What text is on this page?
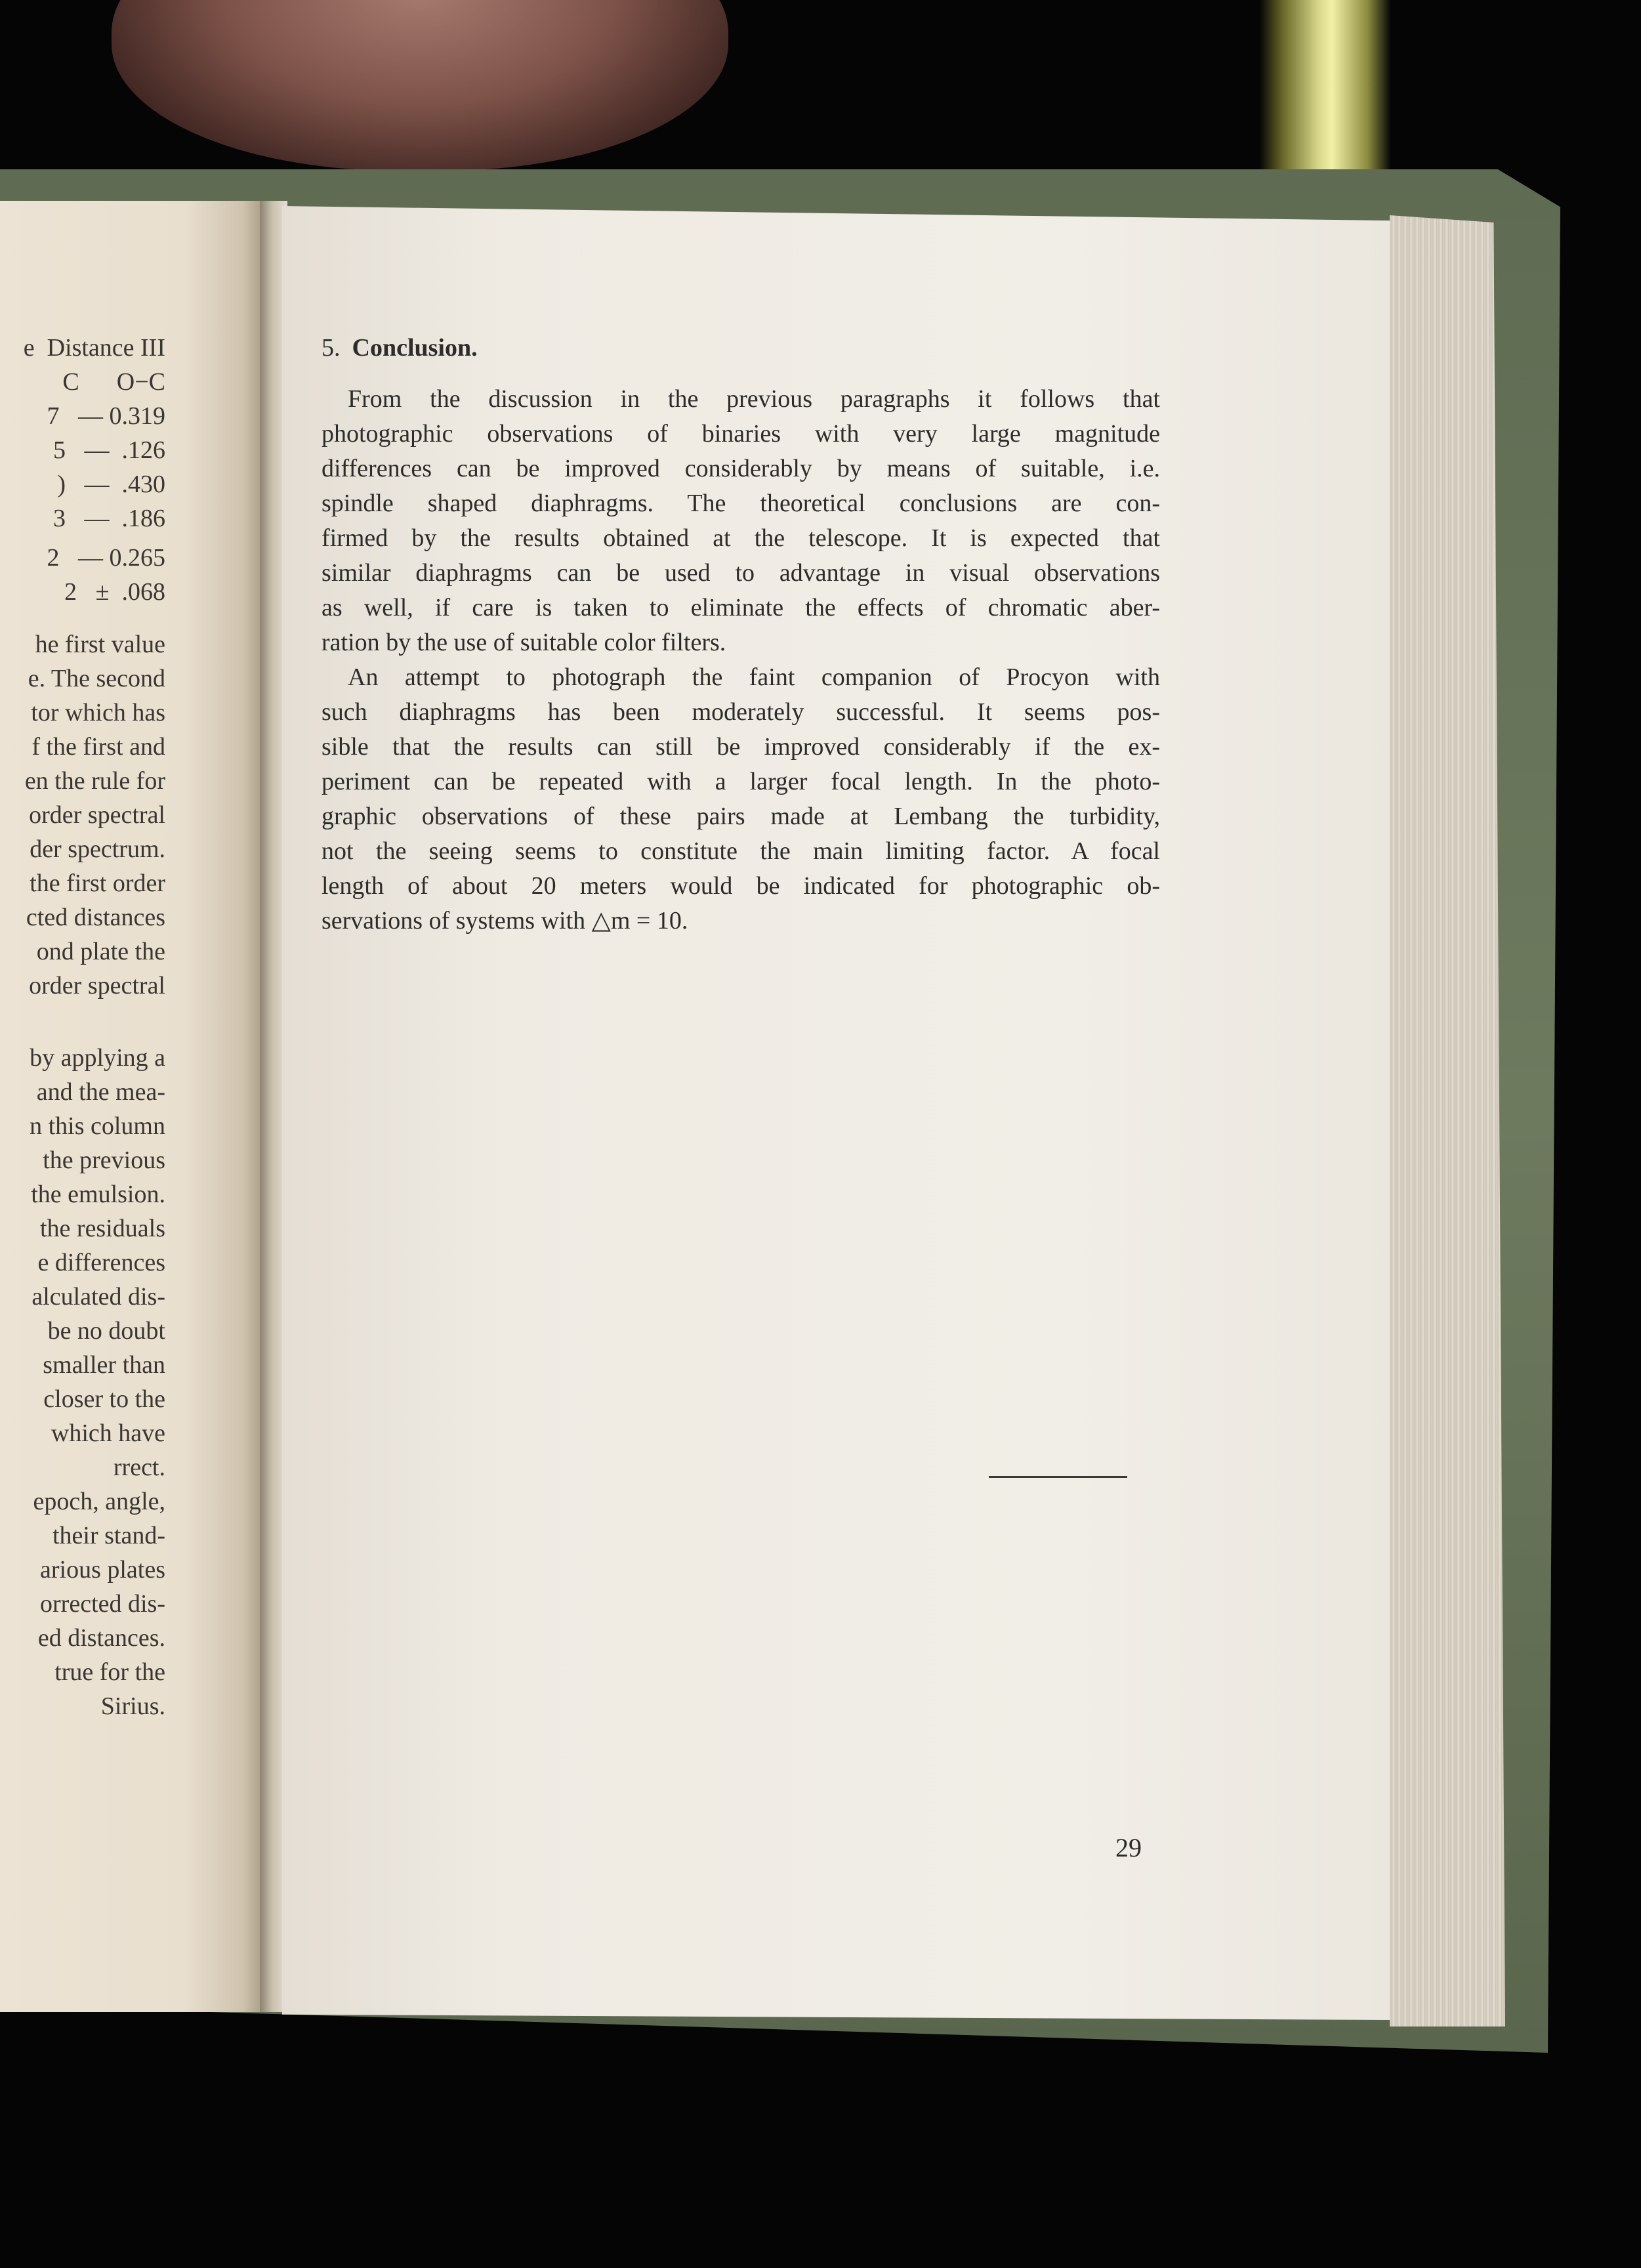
e  Distance III
C      O−C
7   — 0.319
5   —  .126
)   —  .430
3   —  .186
2   — 0.265
2   ±  .068
he first value
e. The second
tor which has
f the first and
en the rule for
order spectral
der spectrum.
the first order
cted distances
ond plate the
order spectral
by applying a
and the mea-
n this column
the previous
the emulsion.
the residuals
e differences
alculated dis-
be no doubt
smaller than
closer to the
which have
rrect.
epoch, angle,
their stand-
arious plates
orrected dis-
ed distances.
true for the
Sirius.
5. Conclusion.
From the discussion in the previous paragraphs it follows that
photographic observations of binaries with very large magnitude
differences can be improved considerably by means of suitable, i.e.
spindle shaped diaphragms. The theoretical conclusions are con-
firmed by the results obtained at the telescope. It is expected that
similar diaphragms can be used to advantage in visual observations
as well, if care is taken to eliminate the effects of chromatic aber-
ration by the use of suitable color filters.
An attempt to photograph the faint companion of Procyon with
such diaphragms has been moderately successful. It seems pos-
sible that the results can still be improved considerably if the ex-
periment can be repeated with a larger focal length. In the photo-
graphic observations of these pairs made at Lembang the turbidity,
not the seeing seems to constitute the main limiting factor. A focal
length of about 20 meters would be indicated for photographic ob-
servations of systems with △m = 10.
29
